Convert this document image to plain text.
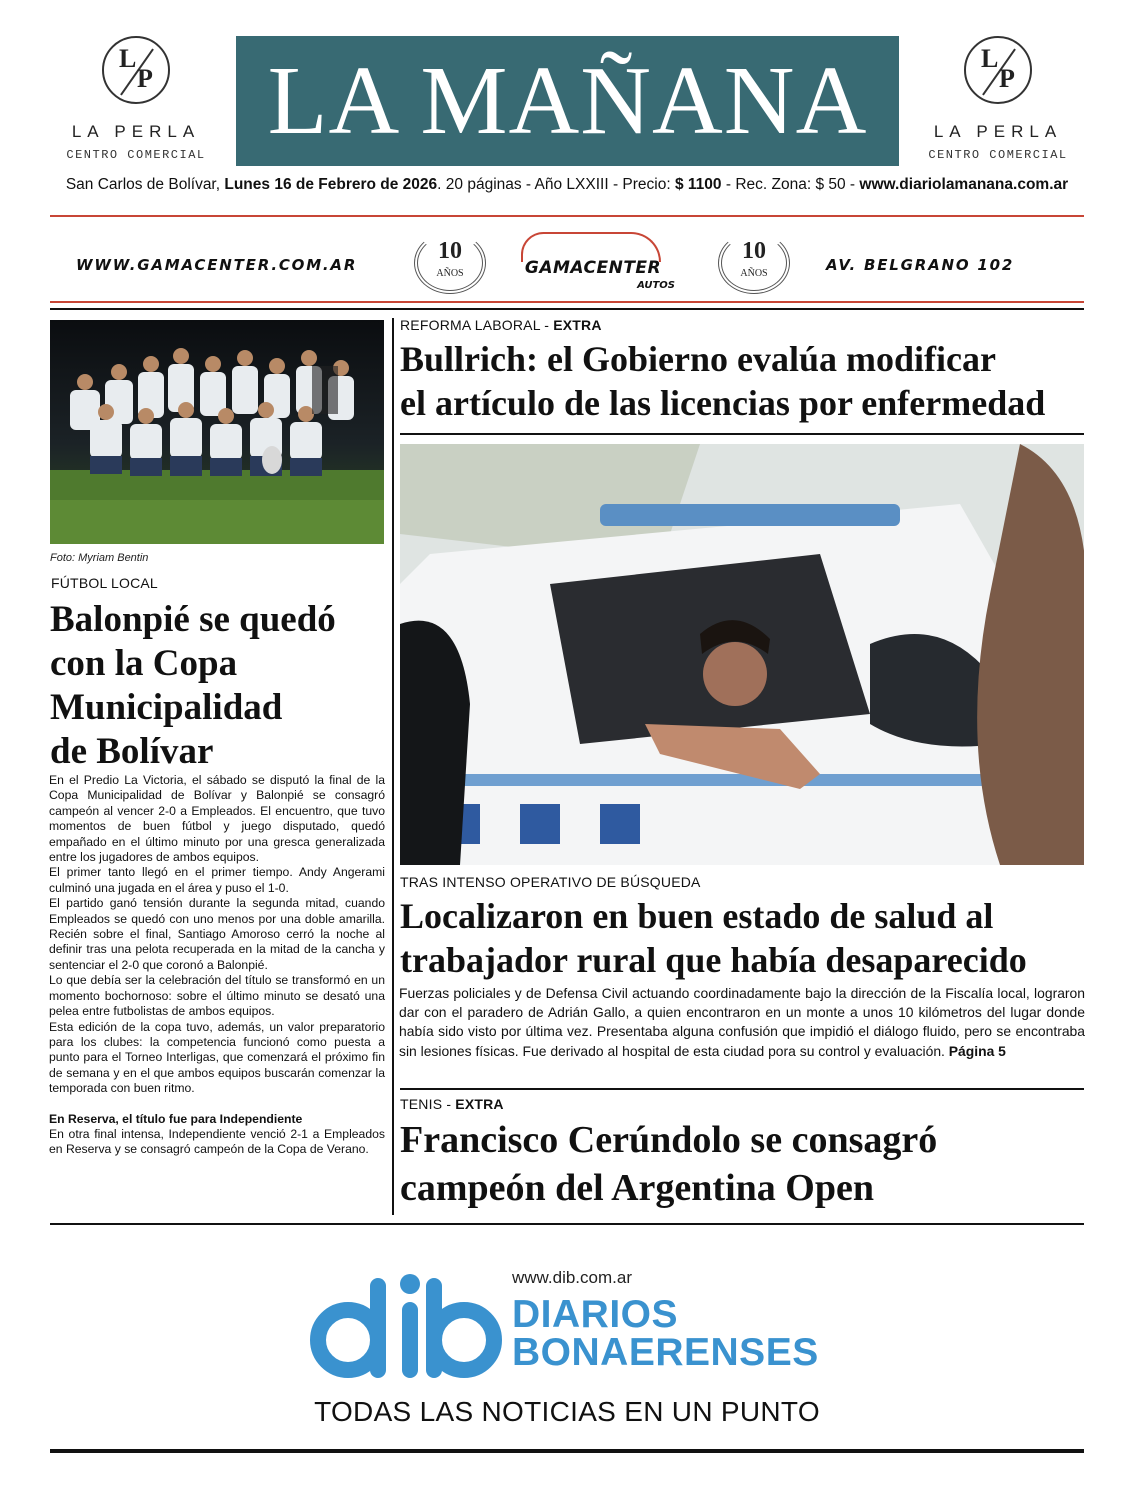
L
P
LA PERLA
CENTRO COMERCIAL LA MAÑANA	L
P
LA PERLA
CENTRO COMERCIAL
San Carlos de Bolívar, Lunes 16 de Febrero de 2026. 20 páginas - Año LXXIII - Precio: $ 1100 - Rec. Zona: $ 50 - www.diariolamanana.com.ar
WWW.GAMACENTER.COM.AR
10
AÑOS	GAMACENTER
AUTOS
10
AÑOS	AV. BELGRANO 102
Foto: Myriam Bentin
FÚTBOL LOCAL
Balonpié se quedó
con la Copa
Municipalidad
de Bolívar

En el Predio La Victoria, el sábado se disputó la final de la Copa Municipalidad de Bolívar y Balonpié se consagró campeón al vencer 2-0 a Empleados. El encuentro, que tuvo momentos de buen fútbol y juego disputado, quedó empañado en el último minuto por una gresca generalizada entre los jugadores de ambos equipos.

El primer tanto llegó en el primer tiempo. Andy Angerami culminó una jugada en el área y puso el 1-0.

El partido ganó tensión durante la segunda mitad, cuando Empleados se quedó con uno menos por una doble amarilla. Recién sobre el final, Santiago Amoroso cerró la noche al definir tras una pelota recuperada en la mitad de la cancha y sentenciar el 2-0 que coronó a Balonpié.

Lo que debía ser la celebración del título se transformó en un momento bochornoso: sobre el último minuto se desató una pelea entre futbolistas de ambos equipos.

Esta edición de la copa tuvo, además, un valor preparatorio para los clubes: la competencia funcionó como puesta a punto para el Torneo Interligas, que comenzará el próximo fin de semana y en el que ambos equipos buscarán comenzar la temporada con buen ritmo.

En Reserva, el título fue para Independiente

En otra final intensa, Independiente venció 2-1 a Empleados en Reserva y se consagró campeón de la Copa de Verano.

REFORMA LABORAL - EXTRA
Bullrich: el Gobierno evalúa modificar
el artículo de las licencias por enfermedad
TRAS INTENSO OPERATIVO DE BÚSQUEDA
Localizaron en buen estado de salud al
trabajador rural que había desaparecido
Fuerzas policiales y de Defensa Civil actuando coordinadamente bajo la dirección de la Fiscalía local, lograron dar con el paradero de Adrián Gallo, a quien encontraron en un monte a unos 10 kilómetros del lugar donde había sido visto por última vez. Presentaba alguna confusión que impidió el diálogo fluido, pero se encontraba sin lesiones físicas. Fue derivado al hospital de esta ciudad pora su control y evaluación. Página 5
TENIS - EXTRA
Francisco Cerúndolo se consagró
campeón del Argentina Open
www.dib.com.ar
DIARIOS
BONAERENSES
TODAS LAS NOTICIAS EN UN PUNTO
